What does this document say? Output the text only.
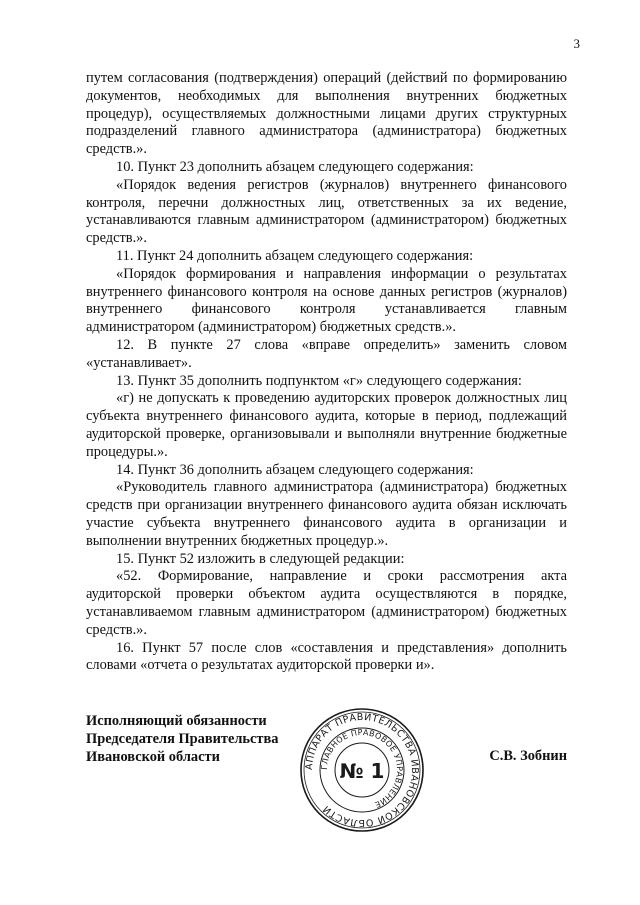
3

путем согласования (подтверждения) операций (действий по формированию документов, необходимых для выполнения внутренних бюджетных процедур), осуществляемых должностными лицами других структурных подразделений главного администратора (администратора) бюджетных средств.».

10. Пункт 23 дополнить абзацем следующего содержания:

«Порядок ведения регистров (журналов) внутреннего финансового контроля, перечни должностных лиц, ответственных за их ведение, устанавливаются главным администратором (администратором) бюджетных средств.».

11. Пункт 24 дополнить абзацем следующего содержания:

«Порядок формирования и направления информации о результатах внутреннего финансового контроля на основе данных регистров (журналов) внутреннего финансового контроля устанавливается главным администратором (администратором) бюджетных средств.».

12. В пункте 27 слова «вправе определить» заменить словом «устанавливает».

13. Пункт 35 дополнить подпунктом «г» следующего содержания:

«г) не допускать к проведению аудиторских проверок должностных лиц субъекта внутреннего финансового аудита, которые в период, подлежащий аудиторской проверке, организовывали и выполняли внутренние бюджетные процедуры.».

14. Пункт 36 дополнить абзацем следующего содержания:

«Руководитель главного администратора (администратора) бюджетных средств при организации внутреннего финансового аудита обязан исключать участие субъекта внутреннего финансового аудита в организации и выполнении внутренних бюджетных процедур.».

15. Пункт 52 изложить в следующей редакции:

«52. Формирование, направление и сроки рассмотрения акта аудиторской проверки объектом аудита осуществляются в порядке, устанавливаемом главным администратором (администратором) бюджетных средств.».

16. Пункт 57 после слов «составления и представления» дополнить словами «отчета о результатах аудиторской проверки и».

Исполняющий обязанности
Председателя Правительства
Ивановской области
АППАРАТ ПРАВИТЕЛЬСТВА ИВАНОВСКОЙ ОБЛАСТИ
ГЛАВНОЕ ПРАВОВОЕ УПРАВЛЕНИЕ
№ 1
С.В. Зобнин
